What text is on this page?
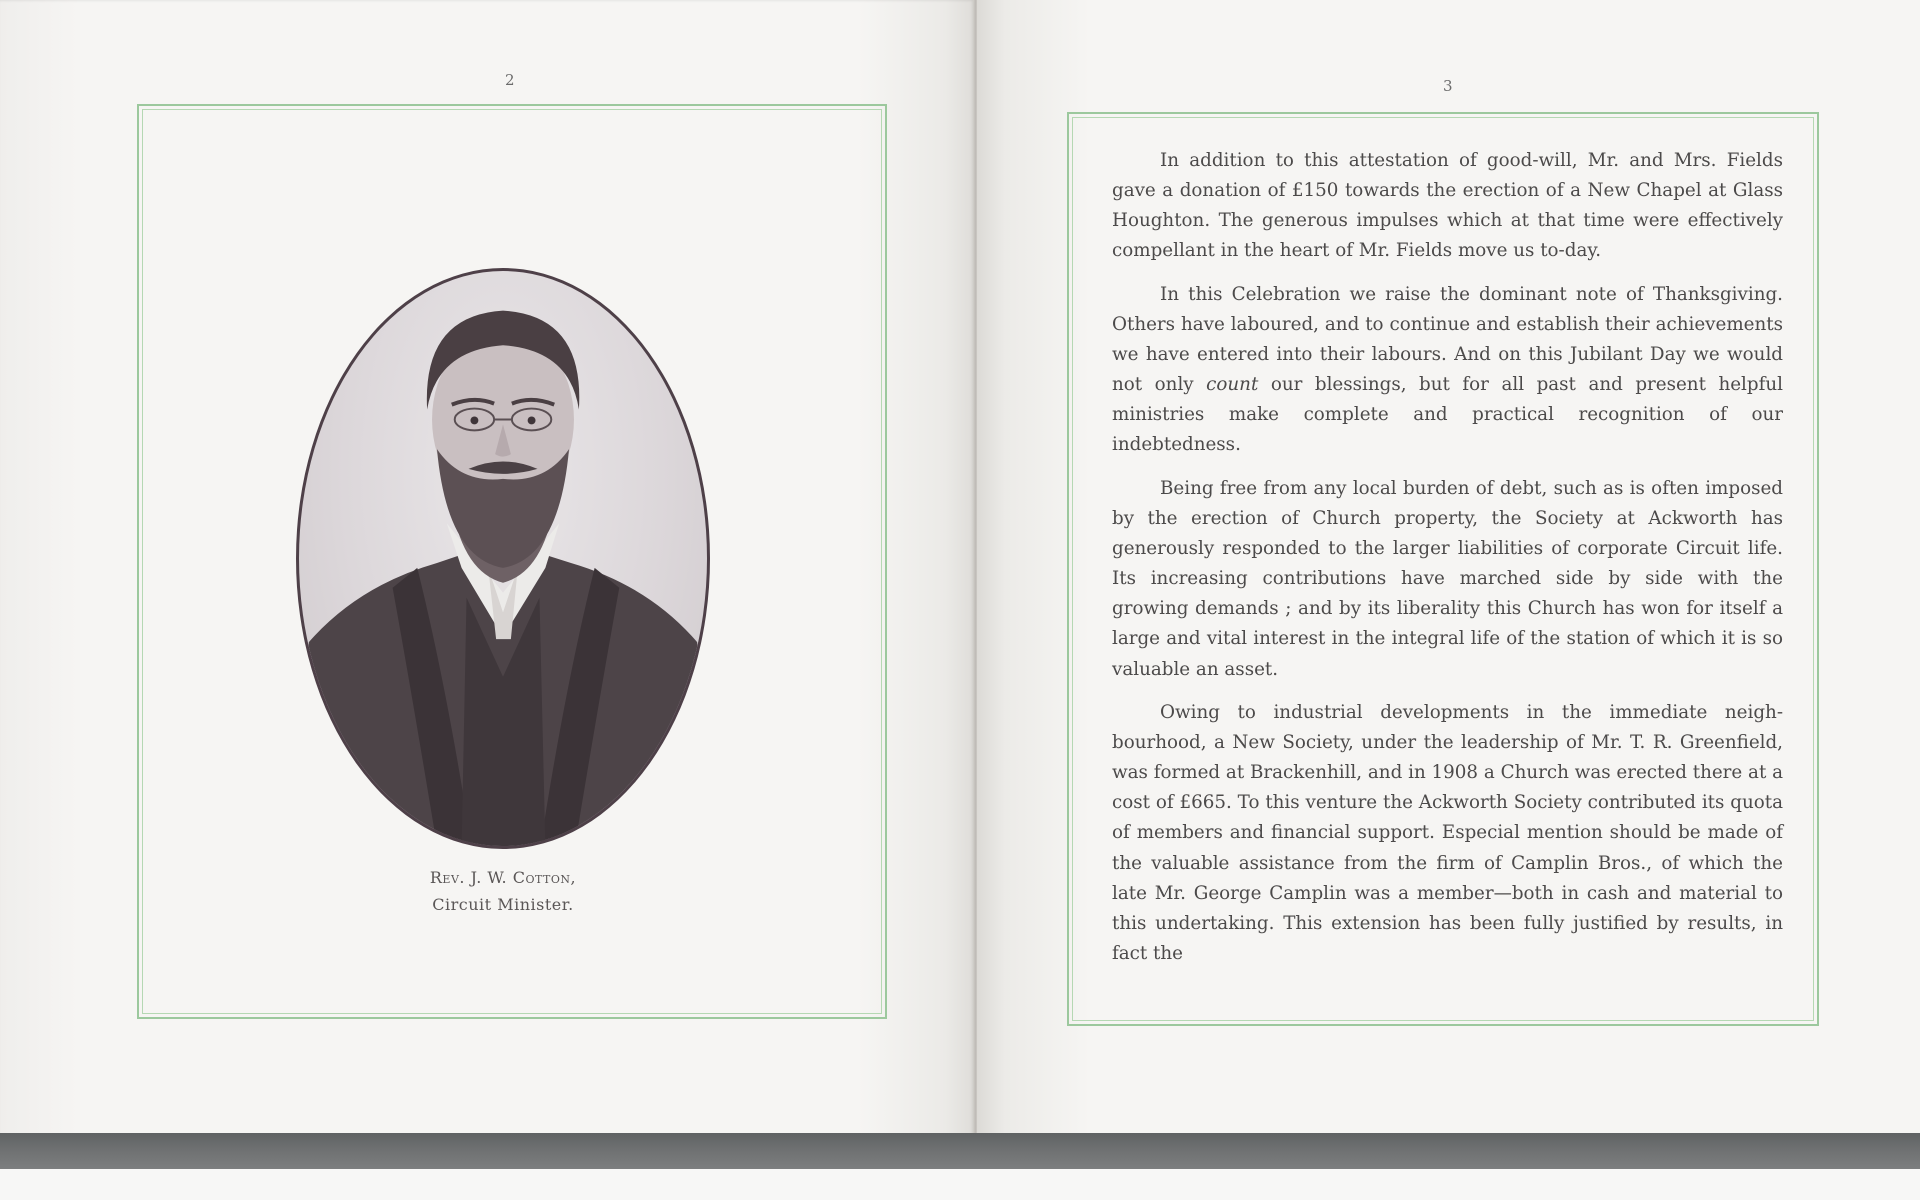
2
Rev. J. W. Cotton,
Circuit Minister.
3

In addition to this attestation of good-will, Mr. and Mrs. Fields gave a donation of £150 towards the erection of a New Chapel at Glass Houghton. The generous impulses which at that time were effectively compellant in the heart of Mr. Fields move us to-day.

In this Celebration we raise the dominant note of Thanksgiving. Others have laboured, and to continue and establish their achievements we have entered into their labours. And on this Jubilant Day we would not only count our blessings, but for all past and present helpful ministries make complete and practical recognition of our indebtedness.

Being free from any local burden of debt, such as is often imposed by the erection of Church property, the Society at Ackworth has generously responded to the larger liabilities of corporate Circuit life. Its increasing contributions have marched side by side with the growing demands ; and by its liberality this Church has won for itself a large and vital interest in the integral life of the station of which it is so valuable an asset.

Owing to industrial developments in the immediate neighbourhood, a New Society, under the leadership of Mr. T. R. Greenfield, was formed at Brackenhill, and in 1908 a Church was erected there at a cost of £665. To this venture the Ackworth Society contributed its quota of members and financial support. Especial mention should be made of the valuable assistance from the firm of Camplin Bros., of which the late Mr. George Camplin was a member—both in cash and material to this undertaking. This extension has been fully justified by results, in fact the
